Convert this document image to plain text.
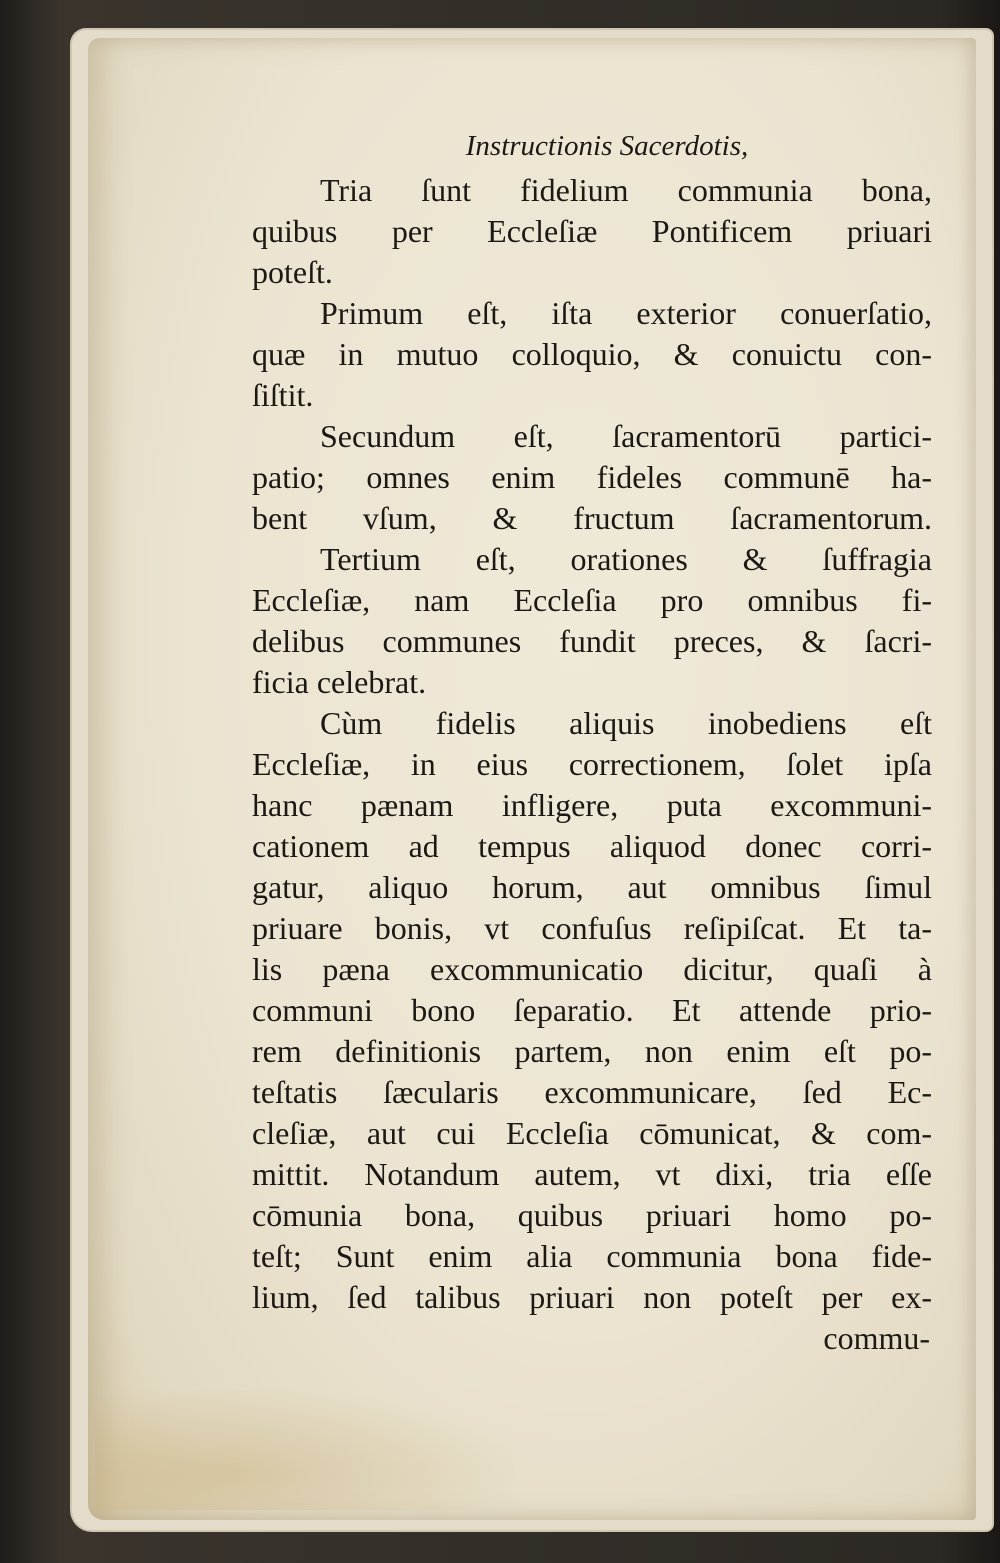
Instructionis Sacerdotis,
Tria ſunt fidelium communia bona,
quibus per Eccleſiæ Pontificem priuari
poteſt.
Primum eſt, iſta exterior conuerſatio,
quæ in mutuo colloquio, & conuictu con-
ſiſtit.
Secundum eſt, ſacramentorū partici-
patio; omnes enim fideles communē ha-
bent vſum, & fructum ſacramentorum.
Tertium eſt, orationes & ſuffragia
Eccleſiæ, nam Eccleſia pro omnibus fi-
delibus communes fundit preces, & ſacri-
ficia celebrat.
Cùm fidelis aliquis inobediens eſt
Eccleſiæ, in eius correctionem, ſolet ipſa
hanc pænam infligere, puta excommuni-
cationem ad tempus aliquod donec corri-
gatur, aliquo horum, aut omnibus ſimul
priuare bonis, vt confuſus reſipiſcat. Et ta-
lis pæna excommunicatio dicitur, quaſi à
communi bono ſeparatio. Et attende prio-
rem definitionis partem, non enim eſt po-
teſtatis ſæcularis excommunicare, ſed Ec-
cleſiæ, aut cui Eccleſia cōmunicat, & com-
mittit. Notandum autem, vt dixi, tria eſſe
cōmunia bona, quibus priuari homo po-
teſt; Sunt enim alia communia bona fide-
lium, ſed talibus priuari non poteſt per ex-
commu-
